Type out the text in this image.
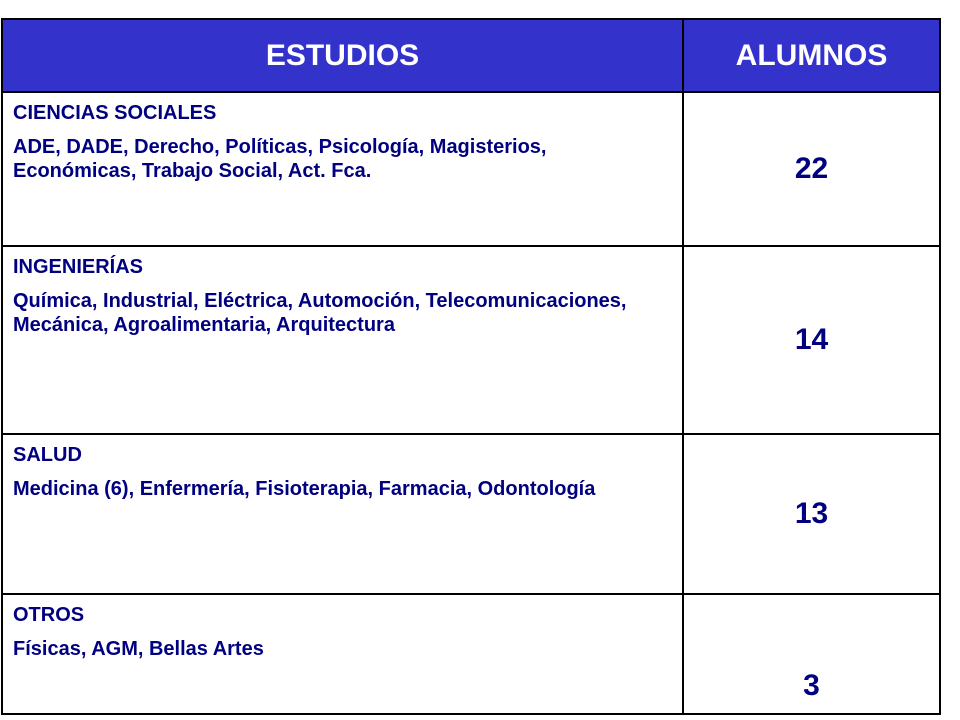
ESTUDIOS	ALUMNOS

CIENCIAS SOCIALES
ADE, DADE, Derecho, Políticas, Psicología, Magisterios, Económicas, Trabajo Social, Act. Fca.	22

INGENIERÍAS
Química, Industrial, Eléctrica, Automoción, Telecomunicaciones, Mecánica, Agroalimentaria, Arquitectura	14

SALUD
Medicina (6), Enfermería, Fisioterapia, Farmacia, Odontología	13

OTROS
Físicas, AGM, Bellas Artes	3
